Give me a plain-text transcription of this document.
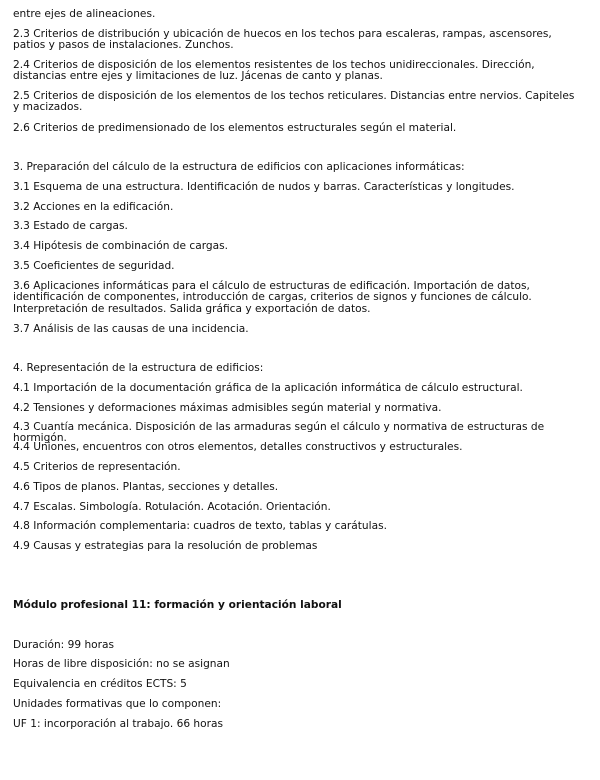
entre ejes de alineaciones.

2.3 Criterios de distribución y ubicación de huecos en los techos para escaleras, rampas, ascensores, patios y pasos de instalaciones. Zunchos.

2.4 Criterios de disposición de los elementos resistentes de los techos unidireccionales. Dirección, distancias entre ejes y limitaciones de luz. Jácenas de canto y planas.

2.5 Criterios de disposición de los elementos de los techos reticulares. Distancias entre nervios. Capiteles y macizados.

2.6 Criterios de predimensionado de los elementos estructurales según el material.

3. Preparación del cálculo de la estructura de edificios con aplicaciones informáticas:

3.1 Esquema de una estructura. Identificación de nudos y barras. Características y longitudes.

3.2 Acciones en la edificación.

3.3 Estado de cargas.

3.4 Hipótesis de combinación de cargas.

3.5 Coeficientes de seguridad.

3.6 Aplicaciones informáticas para el cálculo de estructuras de edificación. Importación de datos, identificación de componentes, introducción de cargas, criterios de signos y funciones de cálculo. Interpretación de resultados. Salida gráfica y exportación de datos.

3.7 Análisis de las causas de una incidencia.

4. Representación de la estructura de edificios:

4.1 Importación de la documentación gráfica de la aplicación informática de cálculo estructural.

4.2 Tensiones y deformaciones máximas admisibles según material y normativa.

4.3 Cuantía mecánica. Disposición de las armaduras según el cálculo y normativa de estructuras de hormigón.

4.4 Uniones, encuentros con otros elementos, detalles constructivos y estructurales.

4.5 Criterios de representación.

4.6 Tipos de planos. Plantas, secciones y detalles.

4.7 Escalas. Simbología. Rotulación. Acotación. Orientación.

4.8 Información complementaria: cuadros de texto, tablas y carátulas.

4.9 Causas y estrategias para la resolución de problemas

Módulo profesional 11: formación y orientación laboral

Duración: 99 horas

Horas de libre disposición: no se asignan

Equivalencia en créditos ECTS: 5

Unidades formativas que lo componen:

UF 1: incorporación al trabajo. 66 horas
